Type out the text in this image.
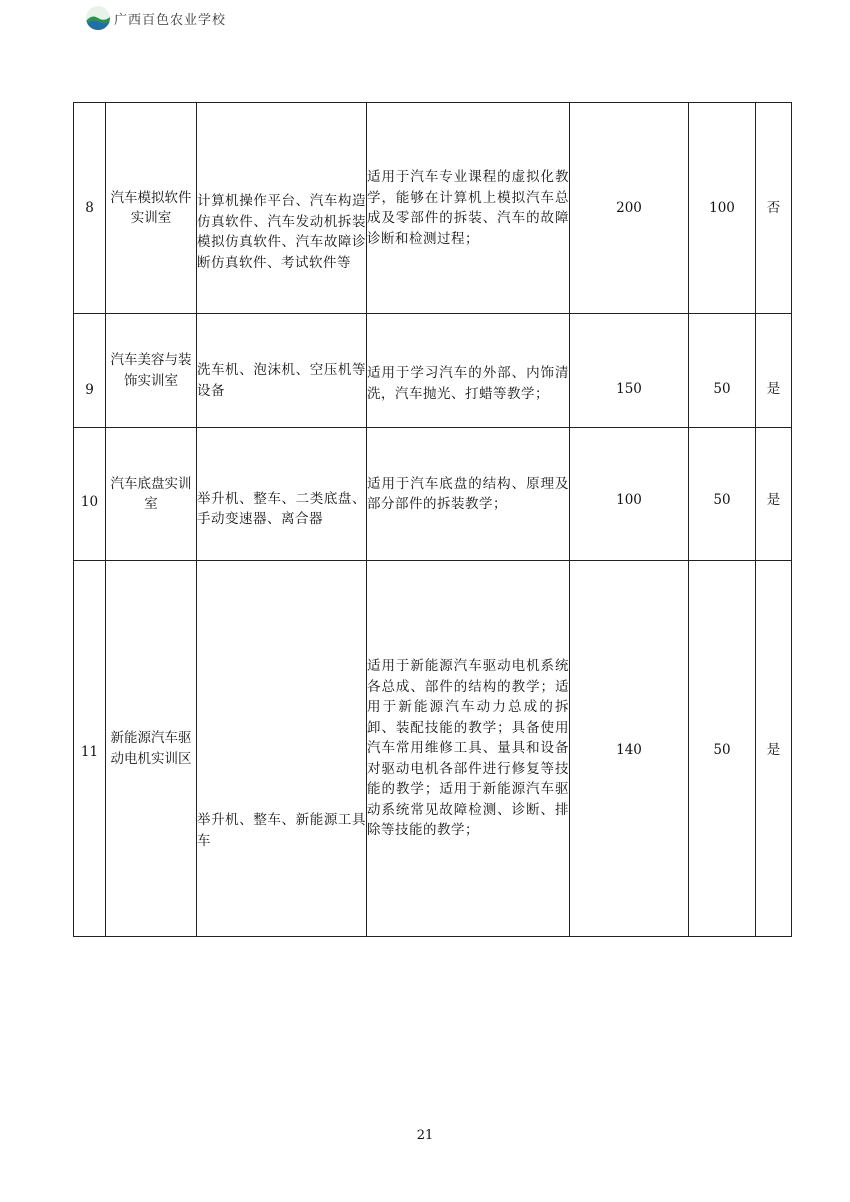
广西百色农业学校
8	汽车模拟软件实训室	计算机操作平台、汽车构造仿真软件、汽车发动机拆装模拟仿真软件、汽车故障诊断仿真软件、考试软件等	适用于汽车专业课程的虚拟化教学，能够在计算机上模拟汽车总成及零部件的拆装、汽车的故障诊断和检测过程；	200	100	否
9	汽车美容与装饰实训室	洗车机、泡沫机、空压机等设备	适用于学习汽车的外部、内饰清洗，汽车抛光、打蜡等教学；	150	50	是
10	汽车底盘实训室	举升机、整车、二类底盘、手动变速器、离合器	适用于汽车底盘的结构、原理及部分部件的拆装教学；	100	50	是
11	新能源汽车驱动电机实训区	举升机、整车、新能源工具车	适用于新能源汽车驱动电机系统各总成、部件的结构的教学；适用于新能源汽车动力总成的拆卸、装配技能的教学；具备使用汽车常用维修工具、量具和设备对驱动电机各部件进行修复等技能的教学；适用于新能源汽车驱动系统常见故障检测、诊断、排除等技能的教学；	140	50	是
21
